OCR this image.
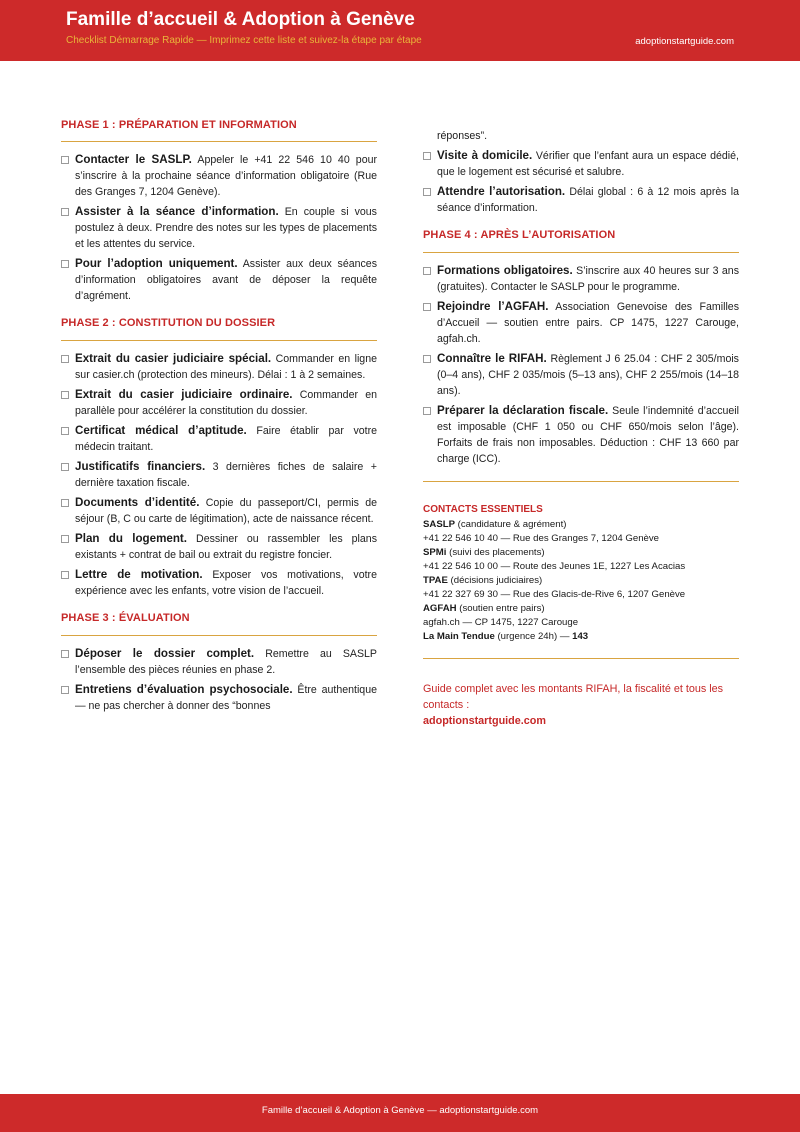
Famille d’accueil & Adoption à Genève
Checklist Démarrage Rapide — Imprimez cette liste et suivez-la étape par étape	adoptionstartguide.com
PHASE 1 : PRÉPARATION ET INFORMATION
Contacter le SASLP. Appeler le +41 22 546 10 40 pour s’inscrire à la prochaine séance d’information obligatoire (Rue des Granges 7, 1204 Genève).
Assister à la séance d’information. En couple si vous postulez à deux. Prendre des notes sur les types de placements et les attentes du service.
Pour l’adoption uniquement. Assister aux deux séances d’information obligatoires avant de déposer la requête d’agrément.
PHASE 2 : CONSTITUTION DU DOSSIER
Extrait du casier judiciaire spécial. Commander en ligne sur casier.ch (protection des mineurs). Délai : 1 à 2 semaines.
Extrait du casier judiciaire ordinaire. Commander en parallèle pour accélérer la constitution du dossier.
Certificat médical d’aptitude. Faire établir par votre médecin traitant.
Justificatifs financiers. 3 dernières fiches de salaire + dernière taxation fiscale.
Documents d’identité. Copie du passeport/CI, permis de séjour (B, C ou carte de légitimation), acte de naissance récent.
Plan du logement. Dessiner ou rassembler les plans existants + contrat de bail ou extrait du registre foncier.
Lettre de motivation. Exposer vos motivations, votre expérience avec les enfants, votre vision de l’accueil.
PHASE 3 : ÉVALUATION
Déposer le dossier complet. Remettre au SASLP l’ensemble des pièces réunies en phase 2.
Entretiens d’évaluation psychosociale. Être authentique — ne pas chercher à donner des “bonnes
réponses”.
Visite à domicile. Vérifier que l’enfant aura un espace dédié, que le logement est sécurisé et salubre.
Attendre l’autorisation. Délai global : 6 à 12 mois après la séance d’information.
PHASE 4 : APRÈS L’AUTORISATION
Formations obligatoires. S’inscrire aux 40 heures sur 3 ans (gratuites). Contacter le SASLP pour le programme.
Rejoindre l’AGFAH. Association Genevoise des Familles d’Accueil — soutien entre pairs. CP 1475, 1227 Carouge, agfah.ch.
Connaître le RIFAH. Règlement J 6 25.04 : CHF 2 305/mois (0–4 ans), CHF 2 035/mois (5–13 ans), CHF 2 255/mois (14–18 ans).
Préparer la déclaration fiscale. Seule l’indemnité d’accueil est imposable (CHF 1 050 ou CHF 650/mois selon l’âge). Forfaits de frais non imposables. Déduction : CHF 13 660 par charge (ICC).
CONTACTS ESSENTIELS
SASLP (candidature & agrément)
+41 22 546 10 40 — Rue des Granges 7, 1204 Genève
SPMi (suivi des placements)
+41 22 546 10 00 — Route des Jeunes 1E, 1227 Les Acacias
TPAE (décisions judiciaires)
+41 22 327 69 30 — Rue des Glacis-de-Rive 6, 1207 Genève
AGFAH (soutien entre pairs)
agfah.ch — CP 1475, 1227 Carouge
La Main Tendue (urgence 24h) — 143
Guide complet avec les montants RIFAH, la fiscalité et tous les contacts :
adoptionstartguide.com
Famille d’accueil & Adoption à Genève — adoptionstartguide.com
